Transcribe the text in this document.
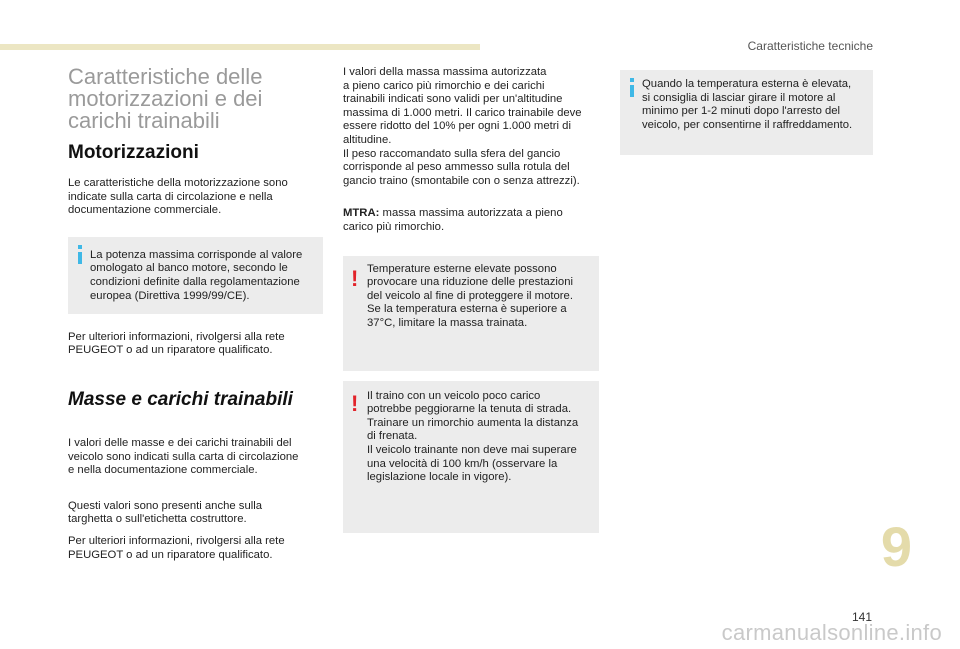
Caratteristiche tecniche
Caratteristiche delle
motorizzazioni e dei
carichi trainabili
Motorizzazioni

Le caratteristiche della motorizzazione sono
indicate sulla carta di circolazione e nella
documentazione commerciale.

La potenza massima corrisponde al valore
omologato al banco motore, secondo le
condizioni definite dalla regolamentazione
europea (Direttiva 1999/99/CE).

Per ulteriori informazioni, rivolgersi alla rete
PEUGEOT o ad un riparatore qualificato.

Masse e carichi trainabili

I valori delle masse e dei carichi trainabili del
veicolo sono indicati sulla carta di circolazione
e nella documentazione commerciale.

Questi valori sono presenti anche sulla
targhetta o sull'etichetta costruttore.

Per ulteriori informazioni, rivolgersi alla rete
PEUGEOT o ad un riparatore qualificato.

I valori della massa massima autorizzata
a pieno carico più rimorchio e dei carichi
trainabili indicati sono validi per un'altitudine
massima di 1.000 metri. Il carico trainabile deve
essere ridotto del 10% per ogni 1.000 metri di
altitudine.
Il peso raccomandato sulla sfera del gancio
corrisponde al peso ammesso sulla rotula del
gancio traino (smontabile con o senza attrezzi).

MTRA: massa massima autorizzata a pieno
carico più rimorchio.

! Temperature esterne elevate possono
provocare una riduzione delle prestazioni
del veicolo al fine di proteggere il motore.
Se la temperatura esterna è superiore a
37°C, limitare la massa trainata.

! Il traino con un veicolo poco carico
potrebbe peggiorarne la tenuta di strada.
Trainare un rimorchio aumenta la distanza
di frenata.
Il veicolo trainante non deve mai superare
una velocità di 100 km/h (osservare la
legislazione locale in vigore).

Quando la temperatura esterna è elevata,
si consiglia di lasciar girare il motore al
minimo per 1-2 minuti dopo l'arresto del
veicolo, per consentirne il raffreddamento.

9
141
carmanualsonline.info
